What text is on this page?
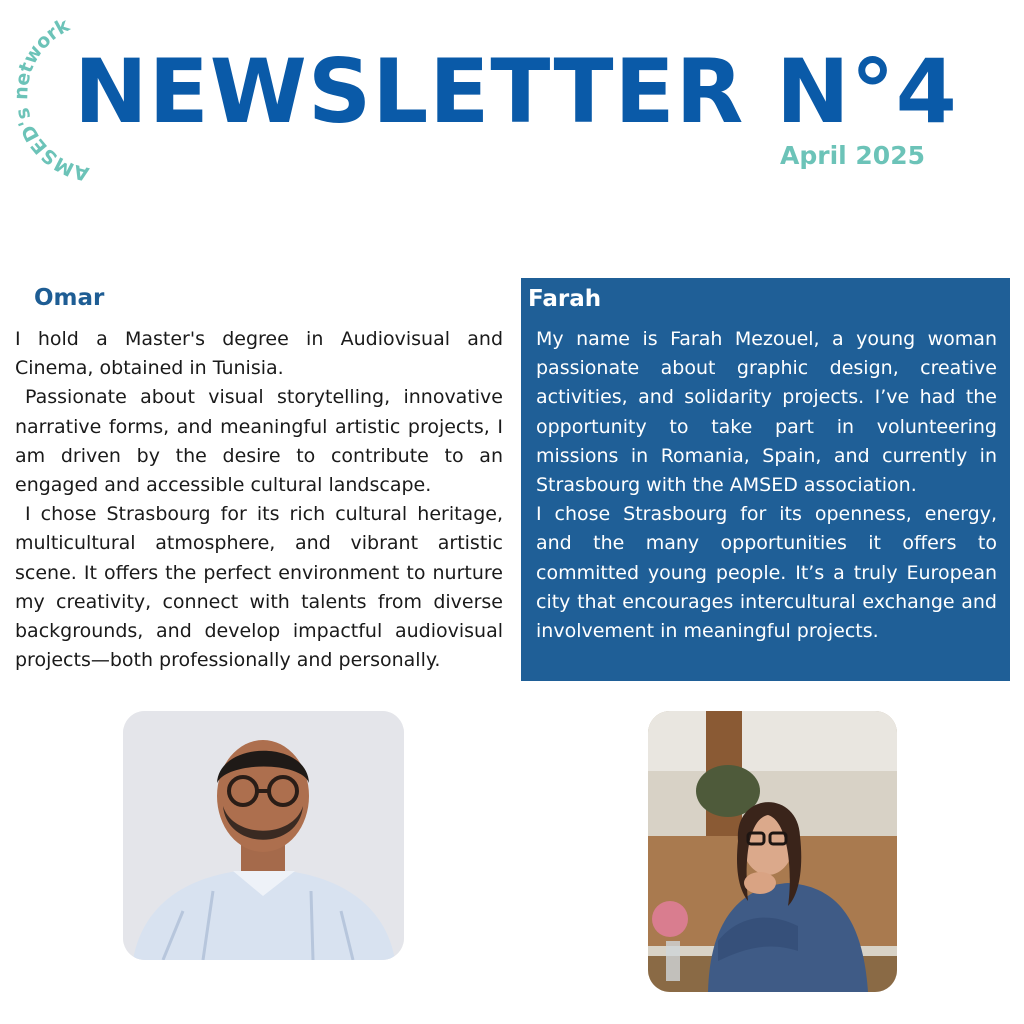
AMSED's network
NEWSLETTER N°4
April 2025
Omar

I hold a Master's degree in Audiovisual and Cinema, obtained in Tunisia.

Passionate about visual storytelling, innovative narrative forms, and meaningful artistic projects, I am driven by the desire to contribute to an engaged and accessible cultural landscape.

I chose Strasbourg for its rich cultural heritage, multicultural atmosphere, and vibrant artistic scene. It offers the perfect environment to nurture my creativity, connect with talents from diverse backgrounds, and develop impactful audiovisual projects—both professionally and personally.

Farah

My name is Farah Mezouel, a young woman passionate about graphic design, creative activities, and solidarity projects. I’ve had the opportunity to take part in volunteering missions in Romania, Spain, and currently in Strasbourg with the AMSED association.

I chose Strasbourg for its openness, energy, and the many opportunities it offers to committed young people. It’s a truly European city that encourages intercultural exchange and involvement in meaningful projects.
